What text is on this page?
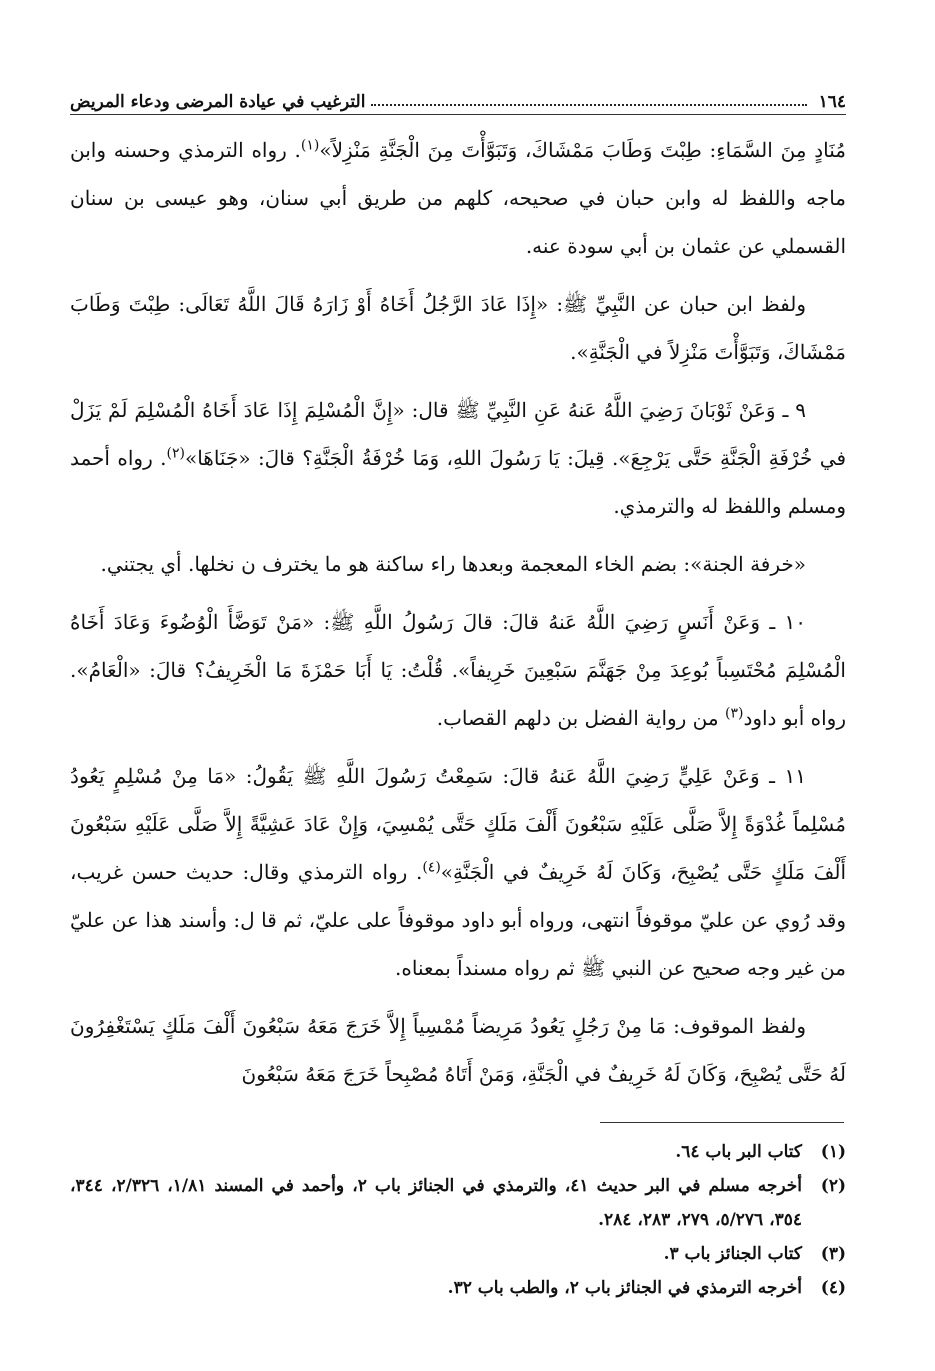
١٦٤
الترغيب في عيادة المرضى ودعاء المريض

مُنَادٍ مِنَ السَّمَاءِ: طِبْتَ وَطَابَ مَمْشَاكَ، وَتَبَوَّأْتَ مِنَ الْجَنَّةِ مَنْزِلاً»$^{(١)}$. رواه الترمذي وحسنه وابن ماجه واللفظ له وابن حبان في صحيحه، كلهم من طريق أبي سنان، وهو عيسى بن سنان القسملي عن عثمان بن أبي سودة عنه.

ولفظ ابن حبان عن النَّبِيِّ ﷺ: «إِذَا عَادَ الرَّجُلُ أَخَاهُ أَوْ زَارَهُ قَالَ اللَّهُ تَعَالَى: طِبْتَ وَطَابَ مَمْشَاكَ، وَتَبَوَّأْتَ مَنْزِلاً في الْجَنَّةِ».

٩ ـ وَعَنْ ثَوْبَانَ رَضِيَ اللَّهُ عَنهُ عَنِ النَّبِيِّ ﷺ قال: «إِنَّ الْمُسْلِمَ إِذَا عَادَ أَخَاهُ الْمُسْلِمَ لَمْ يَزَلْ في خُرْفَةِ الْجَنَّةِ حَتَّى يَرْجِعَ». قِيلَ: يَا رَسُولَ اللهِ، وَمَا خُرْفَةُ الْجَنَّةِ؟ قالَ: «جَنَاهَا»$^{(٢)}$. رواه أحمد ومسلم واللفظ له والترمذي.

«خرفة الجنة»: بضم الخاء المعجمة وبعدها راء ساكنة هو ما يخترف ن نخلها. أي يجتني.

١٠ ـ وَعَنْ أَنَسٍ رَضِيَ اللَّهُ عَنهُ قالَ: قالَ رَسُولُ اللَّهِ ﷺ: «مَنْ تَوَضَّأَ الْوُضُوءَ وَعَادَ أَخَاهُ الْمُسْلِمَ مُحْتَسِباً بُوعِدَ مِنْ جَهَنَّمَ سَبْعِينَ خَرِيفاً». قُلْتُ: يَا أَبَا حَمْزَةَ مَا الْخَرِيفُ؟ قالَ: «الْعَامُ». رواه أبو داود$^{(٣)}$ من رواية الفضل بن دلهم القصاب.

١١ ـ وَعَنْ عَلِيٍّ رَضِيَ اللَّهُ عَنهُ قالَ: سَمِعْتُ رَسُولَ اللَّهِ ﷺ يَقُولُ: «مَا مِنْ مُسْلِمٍ يَعُودُ مُسْلِماً غُدْوَةً إِلاَّ صَلَّى عَلَيْهِ سَبْعُونَ أَلْفَ مَلَكٍ حَتَّى يُمْسِيَ، وَإِنْ عَادَ عَشِيَّةً إِلاَّ صَلَّى عَلَيْهِ سَبْعُونَ أَلْفَ مَلَكٍ حَتَّى يُصْبِحَ، وَكَانَ لَهُ خَرِيفٌ في الْجَنَّةِ»$^{(٤)}$. رواه الترمذي وقال: حديث حسن غريب، وقد رُوي عن عليّ موقوفاً انتهى، ورواه أبو داود موقوفاً على عليّ، ثم قا ل: وأسند هذا عن عليّ من غير وجه صحيح عن النبي ﷺ ثم رواه مسنداً بمعناه.

ولفظ الموقوف: مَا مِنْ رَجُلٍ يَعُودُ مَرِيضاً مُمْسِياً إِلاَّ خَرَجَ مَعَهُ سَبْعُونَ أَلْفَ مَلَكٍ يَسْتَغْفِرُونَ لَهُ حَتَّى يُصْبِحَ، وَكَانَ لَهُ خَرِيفٌ في الْجَنَّةِ، وَمَنْ أَتَاهُ مُصْبِحاً خَرَجَ مَعَهُ سَبْعُونَ

(١)
كتاب البر باب ٦٤.
(٢)
أخرجه مسلم في البر حديث ٤١، والترمذي في الجنائز باب ٢، وأحمد في المسند ١/٨١، ٢/٣٢٦، ٣٤٤، ٣٥٤، ٥/٢٧٦، ٢٧٩، ٢٨٣، ٢٨٤.
(٣)
كتاب الجنائز باب ٣.
(٤)
أخرجه الترمذي في الجنائز باب ٢، والطب باب ٣٢.
